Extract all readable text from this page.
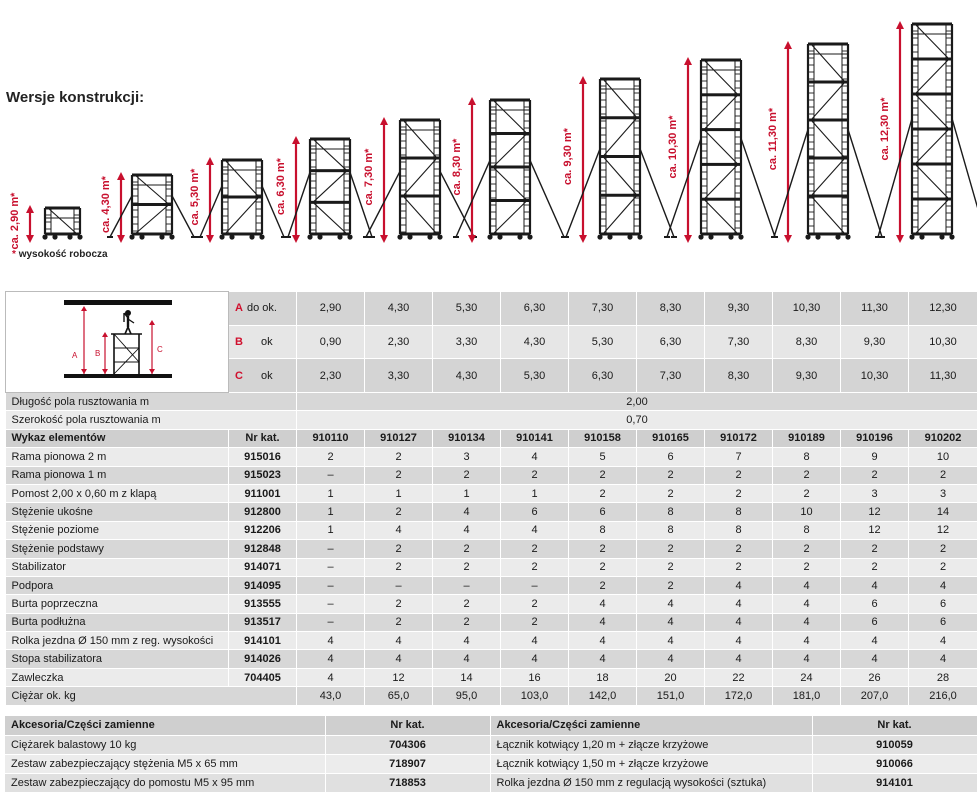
Wersje konstrukcji:
* wysokość robocza
ca. 2,90 m*	ca. 4,30 m*	ca. 5,30 m*	ca. 6,30 m*	ca. 7,30 m*	ca. 8,30 m*	ca. 9,30 m*	ca. 10,30 m*	ca. 11,30 m*	ca. 12,30 m*
A B C	A do ok.	2,90	4,30	5,30	6,30	7,30	8,30	9,30	10,30	11,30	12,30
	B ok	0,90	2,30	3,30	4,30	5,30	6,30	7,30	8,30	9,30	10,30
	C ok	2,30	3,30	4,30	5,30	6,30	7,30	8,30	9,30	10,30	11,30
Długość pola rusztowania m		2,00									
Szerokość pola rusztowania m		0,70									
Wykaz elementów	Nr kat.	910110	910127	910134	910141	910158	910165	910172	910189	910196	910202
Rama pionowa 2 m	915016	2	2	3	4	5	6	7	8	9	10
Rama pionowa 1 m	915023	–	2	2	2	2	2	2	2	2	2
Pomost 2,00 x 0,60 m z klapą	911001	1	1	1	1	2	2	2	2	3	3
Stężenie ukośne	912800	1	2	4	6	6	8	8	10	12	14
Stężenie poziome	912206	1	4	4	4	8	8	8	8	12	12
Stężenie podstawy	912848	–	2	2	2	2	2	2	2	2	2
Stabilizator	914071	–	2	2	2	2	2	2	2	2	2
Podpora	914095	–	–	–	–	2	2	4	4	4	4
Burta poprzeczna	913555	–	2	2	2	4	4	4	4	6	6
Burta podłużna	913517	–	2	2	2	4	4	4	4	6	6
Rolka jezdna Ø 150 mm z reg. wysokości	914101	4	4	4	4	4	4	4	4	4	4
Stopa stabilizatora	914026	4	4	4	4	4	4	4	4	4	4
Zawleczka	704405	4	12	14	16	18	20	22	24	26	28
Ciężar ok. kg		43,0	65,0	95,0	103,0	142,0	151,0	172,0	181,0	207,0	216,0
Akcesoria/Części zamienne	Nr kat.	Akcesoria/Części zamienne	Nr kat.
Ciężarek balastowy 10 kg	704306	Łącznik kotwiący 1,20 m + złącze krzyżowe	910059
Zestaw zabezpieczający stężenia M5 x 65 mm	718907	Łącznik kotwiący 1,50 m + złącze krzyżowe	910066
Zestaw zabezpieczający do pomostu M5 x 95 mm	718853	Rolka jezdna Ø 150 mm z regulacją wysokości (sztuka)	914101
